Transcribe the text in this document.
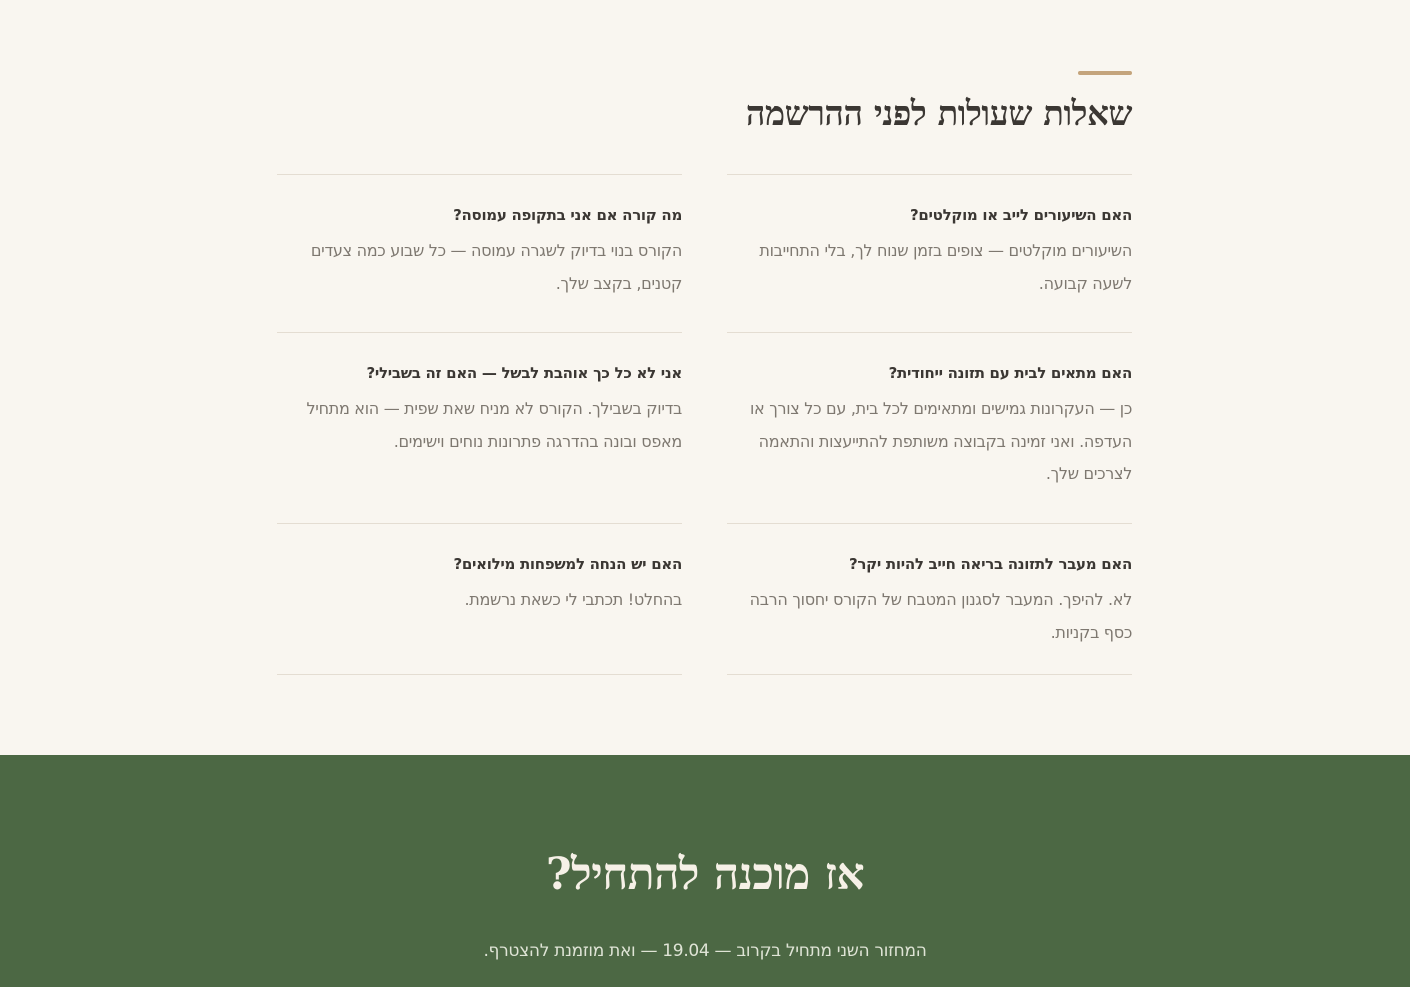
שאלות שעולות לפני ההרשמה
האם השיעורים לייב או מוקלטים?

השיעורים מוקלטים — צופים בזמן שנוח לך, בלי התחייבות לשעה קבועה.

מה קורה אם אני בתקופה עמוסה?

הקורס בנוי בדיוק לשגרה עמוסה — כל שבוע כמה צעדים קטנים, בקצב שלך.

האם מתאים לבית עם תזונה ייחודית?

כן — העקרונות גמישים ומתאימים לכל בית, עם כל צורך או העדפה. ואני זמינה בקבוצה משותפת להתייעצות והתאמה לצרכים שלך.

אני לא כל כך אוהבת לבשל — האם זה בשבילי?

בדיוק בשבילך. הקורס לא מניח שאת שפית — הוא מתחיל מאפס ובונה בהדרגה פתרונות נוחים וישימים.

האם מעבר לתזונה בריאה חייב להיות יקר?

לא. להיפך. המעבר לסגנון המטבח של הקורס יחסוך הרבה כסף בקניות.

האם יש הנחה למשפחות מילואים?

בהחלט! תכתבי לי כשאת נרשמת.

אז מוכנה להתחיל?

המחזור השני מתחיל בקרוב — 19.04 — ואת מוזמנת להצטרף.
